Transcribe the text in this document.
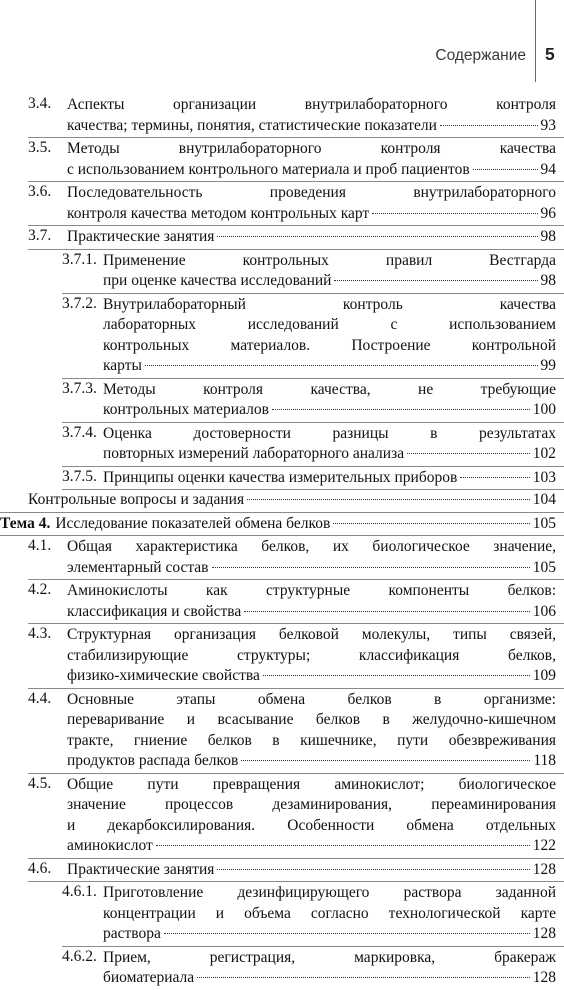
Содержание 5
3.4. Аспекты организации внутрилабораторного контроля
качества; термины, понятия, статистические показатели	93
3.5. Методы внутрилабораторного контроля качества
с использованием контрольного материала и проб пациентов	94
3.6. Последовательность проведения внутрилабораторного
контроля качества методом контрольных карт	96
3.7. Практические занятия	98
3.7.1. Применение контрольных правил Вестгарда
при оценке качества исследований	98
3.7.2. Внутрилабораторный контроль качества
лабораторных исследований с использованием
контрольных материалов. Построение контрольной
карты	99
3.7.3. Методы контроля качества, не требующие
контрольных материалов	100
3.7.4. Оценка достоверности разницы в результатах
повторных измерений лабораторного анализа	102
3.7.5. Принципы оценки качества измерительных приборов	103
Контрольные вопросы и задания	104
Тема 4. Исследование показателей обмена белков	105
4.1. Общая характеристика белков, их биологическое значение,
элементарный состав	105
4.2. Аминокислоты как структурные компоненты белков:
классификация и свойства	106
4.3. Структурная организация белковой молекулы, типы связей,
стабилизирующие структуры; классификация белков,
физико-химические свойства	109
4.4. Основные этапы обмена белков в организме:
переваривание и всасывание белков в желудочно-кишечном
тракте, гниение белков в кишечнике, пути обезвреживания
продуктов распада белков	118
4.5. Общие пути превращения аминокислот; биологическое
значение процессов дезаминирования, переаминирования
и декарбоксилирования. Особенности обмена отдельных
аминокислот	122
4.6. Практические занятия	128
4.6.1. Приготовление дезинфицирующего раствора заданной
концентрации и объема согласно технологической карте
раствора	128
4.6.2. Прием, регистрация, маркировка, бракераж
биоматериала	128
